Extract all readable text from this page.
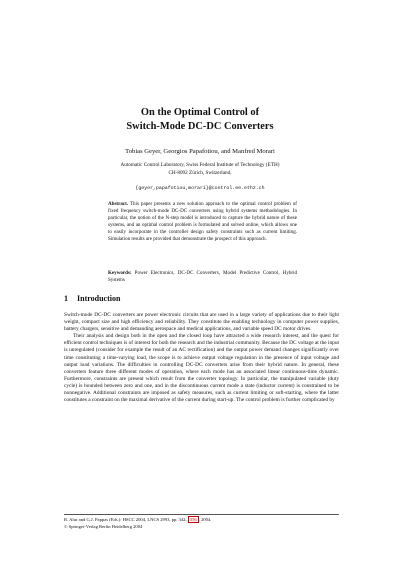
On the Optimal Control of
Switch-Mode DC-DC Converters
Tobias Geyer, Georgios Papafotiou, and Manfred Morari
Automatic Control Laboratory, Swiss Federal Institute of Technology (ETH)
CH-8092 Zürich, Switzerland,
{geyer,papafotiou,morari}@control.ee.ethz.ch
Abstract. This paper presents a new solution approach to the optimal control problem of fixed frequency switch-mode DC-DC converters using hybrid systems methodologies. In particular, the notion of the N-step model is introduced to capture the hybrid nature of these systems, and an optimal control problem is formulated and solved online, which allows one to easily incorporate in the controller design safety constraints such as current limiting. Simulation results are provided that demonstrate the prospect of this approach.
Keywords: Power Electronics, DC-DC Converters, Model Predictive Control, Hybrid Systems
1 Introduction

Switch-mode DC-DC converters are power electronic circuits that are used in a large variety of applications due to their light weight, compact size and high efficiency and reliability. They constitute the enabling technology in computer power supplies, battery chargers, sensitive and demanding aerospace and medical applications, and variable speed DC motor drives.

Their analysis and design both in the open and the closed loop have attracted a wide research interest, and the quest for efficient control techniques is of interest for both the research and the industrial community. Because the DC voltage at the input is unregulated (consider for example the result of an AC rectification) and the output power demand changes significantly over time constituting a time-varying load, the scope is to achieve output voltage regulation in the presence of input voltage and output load variations. The difficulties in controlling DC-DC converters arise from their hybrid nature. In general, these converters feature three different modes of operation, where each mode has an associated linear continuous-time dynamic. Furthermore, constraints are present which result from the converter topology. In particular, the manipulated variable (duty cycle) is bounded between zero and one, and in the discontinuous current mode a state (inductor current) is constrained to be nonnegative. Additional constraints are imposed as safety measures, such as current limiting or soft-starting, where the latter constitutes a constraint on the maximal derivative of the current during start-up. The control problem is further complicated by

R. Alur and G.J. Pappas (Eds.): HSCC 2004, LNCS 2993, pp. 342– 356 , 2004.
© Springer-Verlag Berlin Heidelberg 2004
